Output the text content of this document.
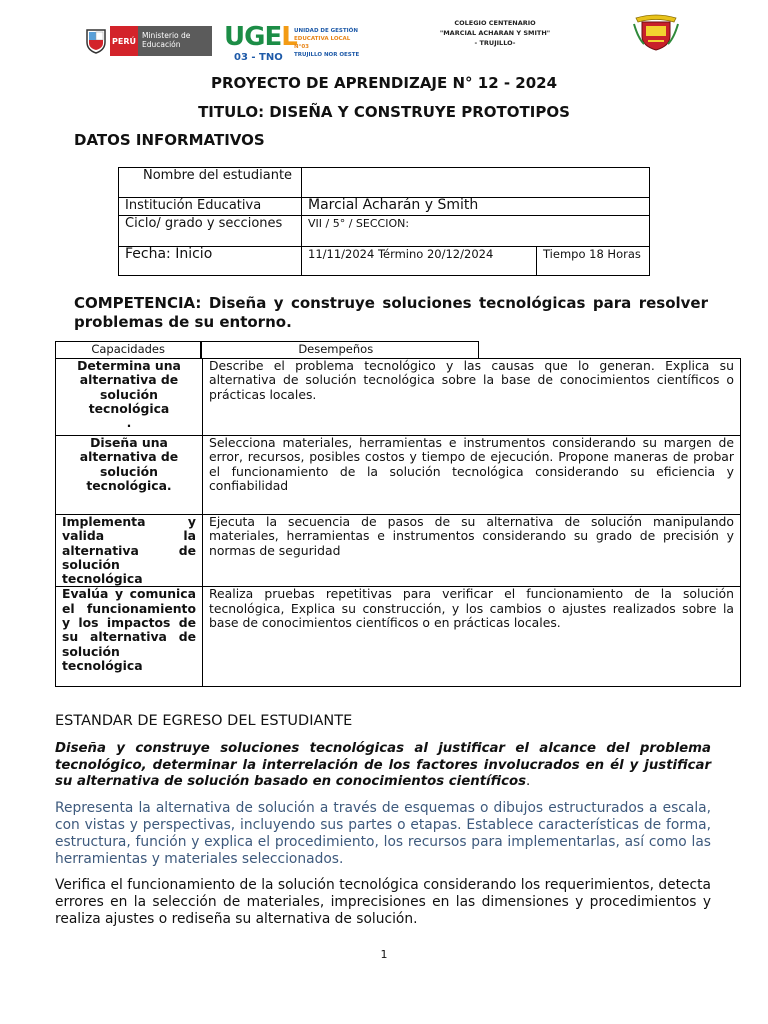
PERÚ
Ministerio de Educación	UGEL
03 - TNO
UNIDAD DE GESTIÓN
EDUCATIVA LOCAL N°03
TRUJILLO NOR OESTE
COLEGIO CENTENARIO
"MARCIAL ACHARAN Y SMITH"
- TRUJILLO-
PROYECTO DE APRENDIZAJE N° 12 - 2024
TITULO: DISEÑA Y CONSTRUYE PROTOTIPOS
DATOS INFORMATIVOS
Nombre del estudiante		
Institución Educativa	Marcial Acharán y Smith	
Ciclo/ grado y secciones	VII / 5° / SECCION:	
Fecha: Inicio	11/11/2024 Término 20/12/2024	Tiempo 18 Horas
COMPETENCIA: Diseña y construye soluciones tecnológicas para resolver problemas de su entorno.
Capacidades	Desempeños
Determina una alternativa de solución tecnológica
.	Describe el problema tecnológico y las causas que lo generan. Explica su alternativa de solución tecnológica sobre la base de conocimientos científicos o prácticas locales.
Diseña una alternativa de solución tecnológica.	Selecciona materiales, herramientas e instrumentos considerando su margen de error, recursos, posibles costos y tiempo de ejecución. Propone maneras de probar el funcionamiento de la solución tecnológica considerando su eficiencia y confiabilidad

Implementa y valida la alternativa de solución tecnológica	Ejecuta la secuencia de pasos de su alternativa de solución manipulando materiales, herramientas e instrumentos considerando su grado de precisión y normas de seguridad

Evalúa y comunica el funcionamiento y los impactos de su alternativa de solución tecnológica	Realiza pruebas repetitivas para verificar el funcionamiento de la solución tecnológica, Explica su construcción, y los cambios o ajustes realizados sobre la base de conocimientos científicos o en prácticas locales.
ESTANDAR DE EGRESO DEL ESTUDIANTE
Diseña y construye soluciones tecnológicas al justificar el alcance del problema tecnológico, determinar la interrelación de los factores involucrados en él y justificar su alternativa de solución basado en conocimientos científicos.
Representa la alternativa de solución a través de esquemas o dibujos estructurados a escala, con vistas y perspectivas, incluyendo sus partes o etapas. Establece características de forma, estructura, función y explica el procedimiento, los recursos para implementarlas, así como las herramientas y materiales seleccionados.
Verifica el funcionamiento de la solución tecnológica considerando los requerimientos, detecta errores en la selección de materiales, imprecisiones en las dimensiones y procedimientos y realiza ajustes o rediseña su alternativa de solución.
1
